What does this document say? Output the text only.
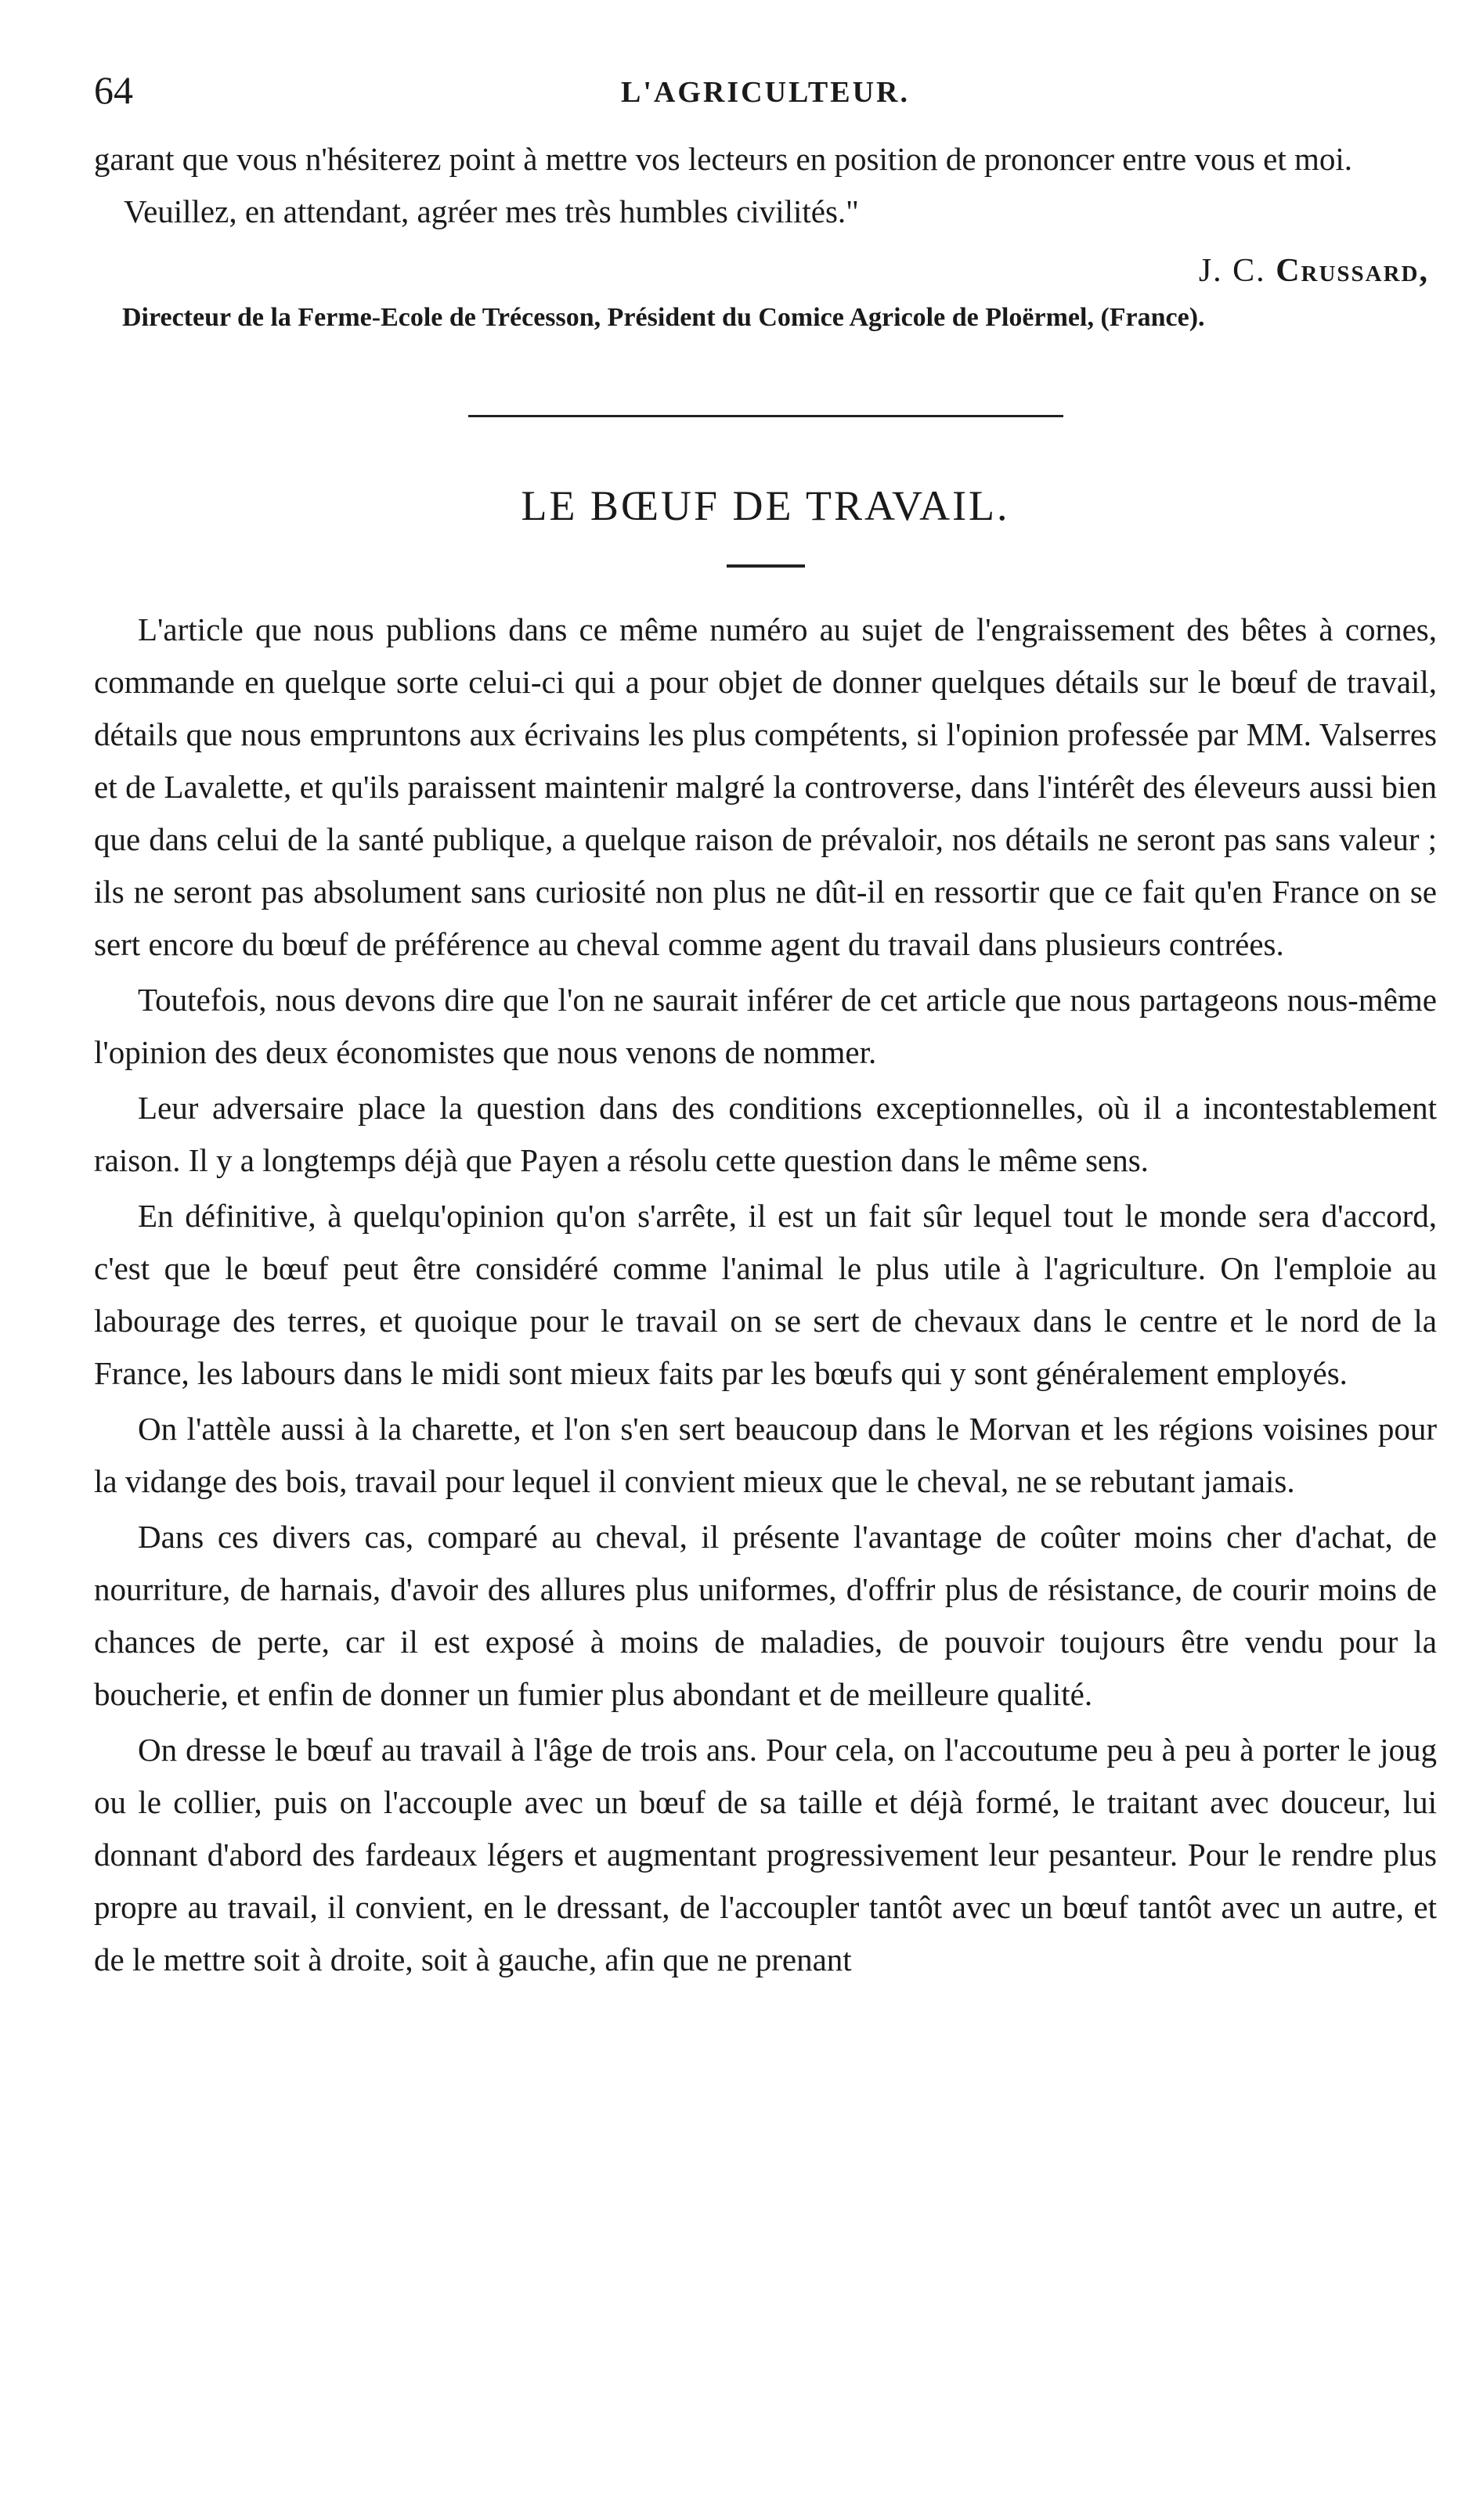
64	L'AGRICULTEUR.

garant que vous n'hésiterez point à mettre vos lecteurs en position de prononcer entre vous et moi.

Veuillez, en attendant, agréer mes très humbles civilités."

J. C. Crussard,

Directeur de la Ferme-Ecole de Trécesson, Président du Comice Agricole de Ploërmel, (France).

LE BŒUF DE TRAVAIL.

L'article que nous publions dans ce même numéro au sujet de l'engraissement des bêtes à cornes, commande en quelque sorte celui-ci qui a pour objet de donner quelques détails sur le bœuf de travail, détails que nous empruntons aux écrivains les plus compétents, si l'opinion professée par MM. Valserres et de Lavalette, et qu'ils paraissent maintenir malgré la controverse, dans l'intérêt des éleveurs aussi bien que dans celui de la santé publique, a quelque raison de prévaloir, nos détails ne seront pas sans valeur ; ils ne seront pas absolument sans curiosité non plus ne dût-il en ressortir que ce fait qu'en France on se sert encore du bœuf de préférence au cheval comme agent du travail dans plusieurs contrées.

Toutefois, nous devons dire que l'on ne saurait inférer de cet article que nous partageons nous-même l'opinion des deux économistes que nous venons de nommer.

Leur adversaire place la question dans des conditions exceptionnelles, où il a incontestablement raison. Il y a longtemps déjà que Payen a résolu cette question dans le même sens.

En définitive, à quelqu'opinion qu'on s'arrête, il est un fait sûr lequel tout le monde sera d'accord, c'est que le bœuf peut être considéré comme l'animal le plus utile à l'agriculture. On l'emploie au labourage des terres, et quoique pour le travail on se sert de chevaux dans le centre et le nord de la France, les labours dans le midi sont mieux faits par les bœufs qui y sont généralement employés.

On l'attèle aussi à la charette, et l'on s'en sert beaucoup dans le Morvan et les régions voisines pour la vidange des bois, travail pour lequel il convient mieux que le cheval, ne se rebutant jamais.

Dans ces divers cas, comparé au cheval, il présente l'avantage de coûter moins cher d'achat, de nourriture, de harnais, d'avoir des allures plus uniformes, d'offrir plus de résistance, de courir moins de chances de perte, car il est exposé à moins de maladies, de pouvoir toujours être vendu pour la boucherie, et enfin de donner un fumier plus abondant et de meilleure qualité.

On dresse le bœuf au travail à l'âge de trois ans. Pour cela, on l'accoutume peu à peu à porter le joug ou le collier, puis on l'accouple avec un bœuf de sa taille et déjà formé, le traitant avec douceur, lui donnant d'abord des fardeaux légers et augmentant progressivement leur pesanteur. Pour le rendre plus propre au travail, il convient, en le dressant, de l'accoupler tantôt avec un bœuf tantôt avec un autre, et de le mettre soit à droite, soit à gauche, afin que ne prenant
